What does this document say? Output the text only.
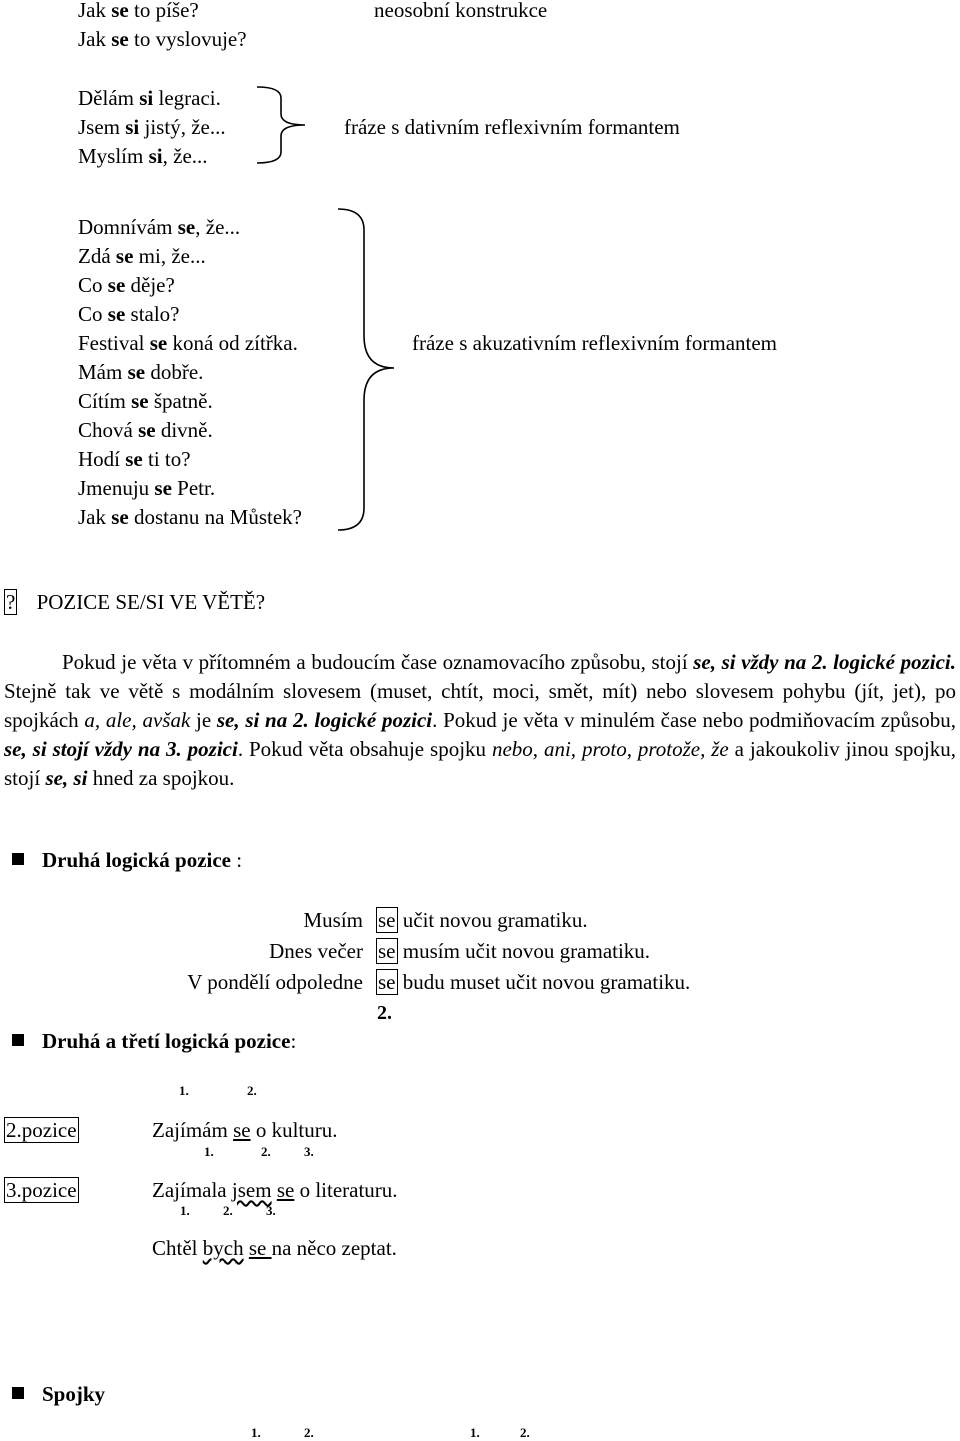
Jak se to píše?
Jak se to vyslovuje?
neosobní konstrukce
Dělám si legraci.
Jsem si jistý, že...
Myslím si, že...
fráze s dativním reflexivním formantem
Domnívám se, že...
Zdá se mi, že...
Co se děje?
Co se stalo?
Festival se koná od zítřka.
Mám se dobře.
Cítím se špatně.
Chová se divně.
Hodí se ti to?
Jmenuju se Petr.
Jak se dostanu na Můstek?
fráze s akuzativním reflexivním formantem
? POZICE SE/SI VE VĚTĚ?
Pokud je věta v přítomném a budoucím čase oznamovacího způsobu, stojí se, si vždy na 2. logické pozici. Stejně tak ve větě s modálním slovesem (muset, chtít, moci, smět, mít) nebo slovesem pohybu (jít, jet), po spojkách a, ale, avšak je se, si na 2. logické pozici. Pokud je věta v minulém čase nebo podmiňovacím způsobu, se, si stojí vždy na 3. pozici. Pokud věta obsahuje spojku nebo, ani, proto, protože, že a jakoukoliv jinou spojku, stojí se, si hned za spojkou.
Druhá logická pozice :
Musím se učit novou gramatiku.
Dnes večer se musím učit novou gramatiku.
V pondělí odpoledne se budu muset učit novou gramatiku.
2.
Druhá a třetí logická pozice:
1.	2.
2.pozice	Zajímám se o kulturu.
1.	2.	3.
3.pozice	Zajímala jsem se o literaturu.
1.	2.	3.
Chtěl bych se na něco zeptat.
Spojky
1.	2.	1.	2.
